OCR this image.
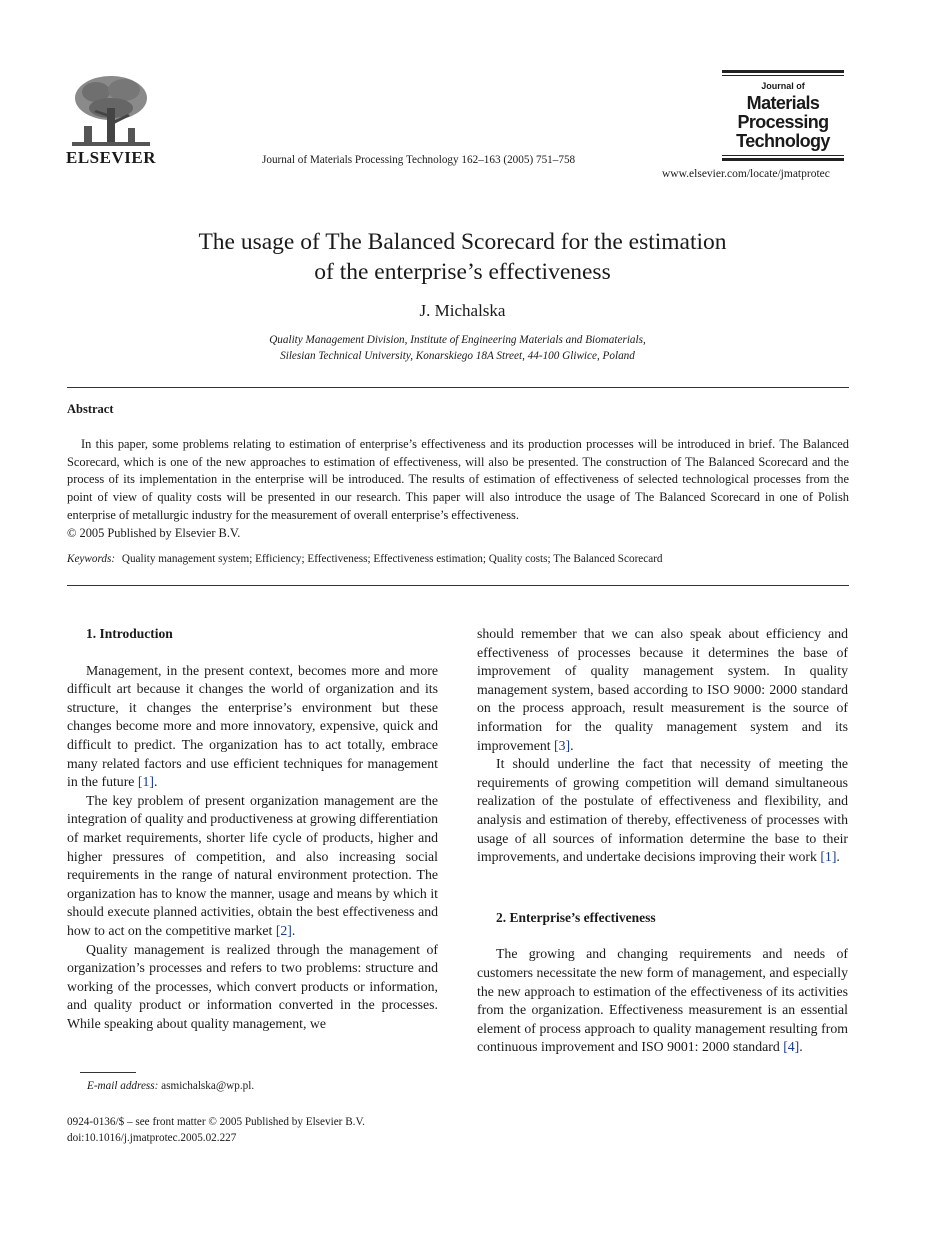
ELSEVIER	Journal of Materials Processing Technology 162–163 (2005) 751–758
Journal of
Materials
Processing
Technology
www.elsevier.com/locate/jmatprotec
The usage of The Balanced Scorecard for the estimation
of the enterprise’s effectiveness
J. Michalska
Quality Management Division, Institute of Engineering Materials and Biomaterials,
Silesian Technical University, Konarskiego 18A Street, 44-100 Gliwice, Poland
Abstract
In this paper, some problems relating to estimation of enterprise’s effectiveness and its production processes will be introduced in brief. The Balanced Scorecard, which is one of the new approaches to estimation of effectiveness, will also be presented. The construction of The Balanced Scorecard and the process of its implementation in the enterprise will be introduced. The results of estimation of effectiveness of selected technological processes from the point of view of quality costs will be presented in our research. This paper will also introduce the usage of The Balanced Scorecard in one of Polish enterprise of metallurgic industry for the measurement of overall enterprise’s effectiveness.
© 2005 Published by Elsevier B.V.
Keywords: Quality management system; Efficiency; Effectiveness; Effectiveness estimation; Quality costs; The Balanced Scorecard

1. Introduction

Management, in the present context, becomes more and more difficult art because it changes the world of organization and its structure, it changes the enterprise’s environment but these changes become more and more innovatory, expensive, quick and difficult to predict. The organization has to act totally, embrace many related factors and use efficient techniques for management in the future [1].

The key problem of present organization management are the integration of quality and productiveness at growing differentiation of market requirements, shorter life cycle of products, higher and higher pressures of competition, and also increasing social requirements in the range of natural environment protection. The organization has to know the manner, usage and means by which it should execute planned activities, obtain the best effectiveness and how to act on the competitive market [2].

Quality management is realized through the management of organization’s processes and refers to two problems: structure and working of the processes, which convert products or information, and quality product or information converted in the processes. While speaking about quality management, we

E-mail address: asmichalska@wp.pl.
0924-0136/$ – see front matter © 2005 Published by Elsevier B.V.
doi:10.1016/j.jmatprotec.2005.02.227

should remember that we can also speak about efficiency and effectiveness of processes because it determines the base of improvement of quality management system. In quality management system, based according to ISO 9000: 2000 standard on the process approach, result measurement is the source of information for the quality management system and its improvement [3].

It should underline the fact that necessity of meeting the requirements of growing competition will demand simultaneous realization of the postulate of effectiveness and flexibility, and analysis and estimation of thereby, effectiveness of processes with usage of all sources of information determine the base to their improvements, and undertake decisions improving their work [1].

2. Enterprise’s effectiveness

The growing and changing requirements and needs of customers necessitate the new form of management, and especially the new approach to estimation of the effectiveness of its activities from the organization. Effectiveness measurement is an essential element of process approach to quality management resulting from continuous improvement and ISO 9001: 2000 standard [4].
